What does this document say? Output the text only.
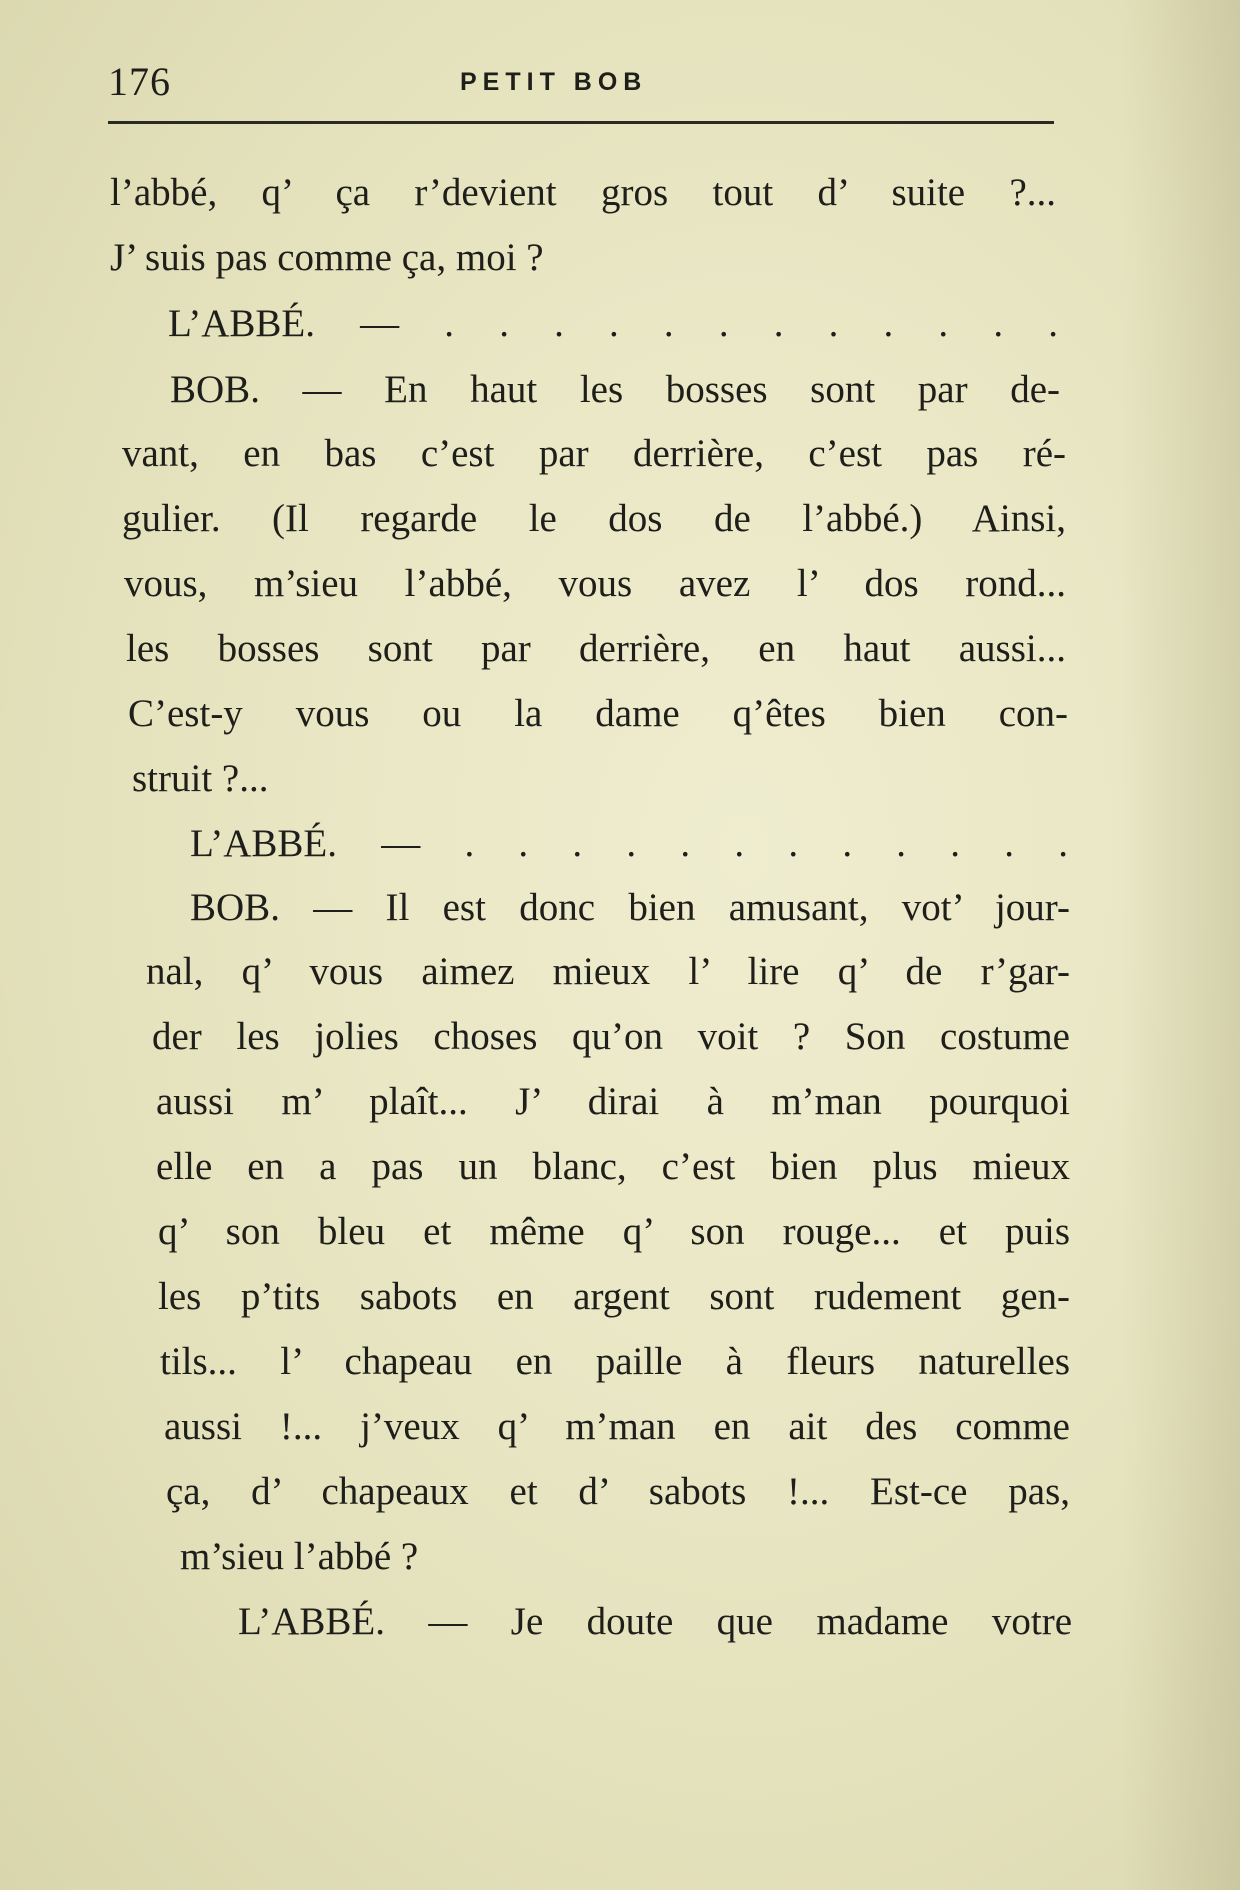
176	PETIT BOB
l’abbé, q’ ça r’devient gros tout d’ suite ?...
J’ suis pas comme ça, moi ?
L’ABBÉ. — . . . . . . . . . . . .
BOB. — En haut les bosses sont par de-
vant, en bas c’est par derrière, c’est pas ré-
gulier. (Il regarde le dos de l’abbé.) Ainsi,
vous, m’sieu l’abbé, vous avez l’ dos rond...
les bosses sont par derrière, en haut aussi...
C’est-y vous ou la dame q’êtes bien con-
struit ?...
L’ABBÉ. — . . . . . . . . . . . .
BOB. — Il est donc bien amusant, vot’ jour-
nal, q’ vous aimez mieux l’ lire q’ de r’gar-
der les jolies choses qu’on voit ? Son costume
aussi m’ plaît... J’ dirai à m’man pourquoi
elle en a pas un blanc, c’est bien plus mieux
q’ son bleu et même q’ son rouge... et puis
les p’tits sabots en argent sont rudement gen-
tils... l’ chapeau en paille à fleurs naturelles
aussi !... j’veux q’ m’man en ait des comme
ça, d’ chapeaux et d’ sabots !... Est-ce pas,
m’sieu l’abbé ?
L’ABBÉ. — Je doute que madame votre
